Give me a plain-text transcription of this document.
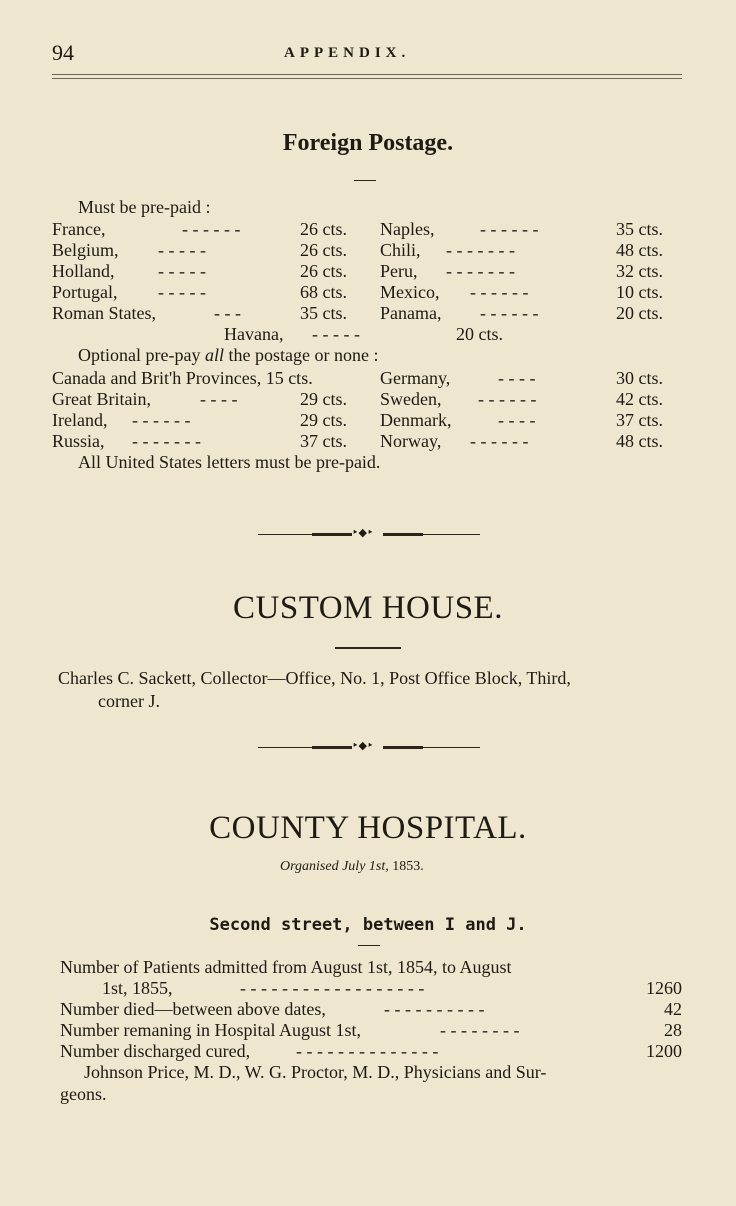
94	APPENDIX.
Foreign Postage.
Must be pre-paid :
France,	- - - - - -	26 cts. Naples,	- - - - - -	35 cts.
Belgium, - - - - -	26 cts. Chili, - - - - - - -	48 cts.
Holland, - - - - -	26 cts. Peru, - - - - - - -	32 cts.
Portugal, - - - - -	68 cts. Mexico, - - - - - -	10 cts.
Roman States,	- - -	35 cts. Panama, - - - - - -	20 cts.
Havana, - - - - -	20 cts.
Optional pre-pay all the postage or none :
Canada and Brit'h Provinces, 15 cts.	Germany,	- - - -	30 cts.
Great Britain,	- - - -	29 cts. Sweden, - - - - - -	42 cts.
Ireland, - - - - - -	29 cts. Denmark,	- - - -	37 cts.
Russia, - - - - - - -	37 cts. Norway, - - - - - -	48 cts.
All United States letters must be pre-paid.
‣◆‣
CUSTOM HOUSE.
Charles C. Sackett, Collector—Office, No. 1, Post Office Block, Third,
corner J.
‣◆‣
COUNTY HOSPITAL.
Organised July 1st, 1853.
Second street, between I and J.
Number of Patients admitted from August 1st, 1854, to August
1st, 1855,	- - - - - - - - - - - - - - - - - -	1260
Number died—between above dates,	- - - - - - - - - -	42
Number remaning in Hospital August 1st,	- - - - - - - -	28
Number discharged cured,	- - - - - - - - - - - - - -	1200
Johnson Price, M. D., W. G. Proctor, M. D., Physicians and Sur-
geons.
